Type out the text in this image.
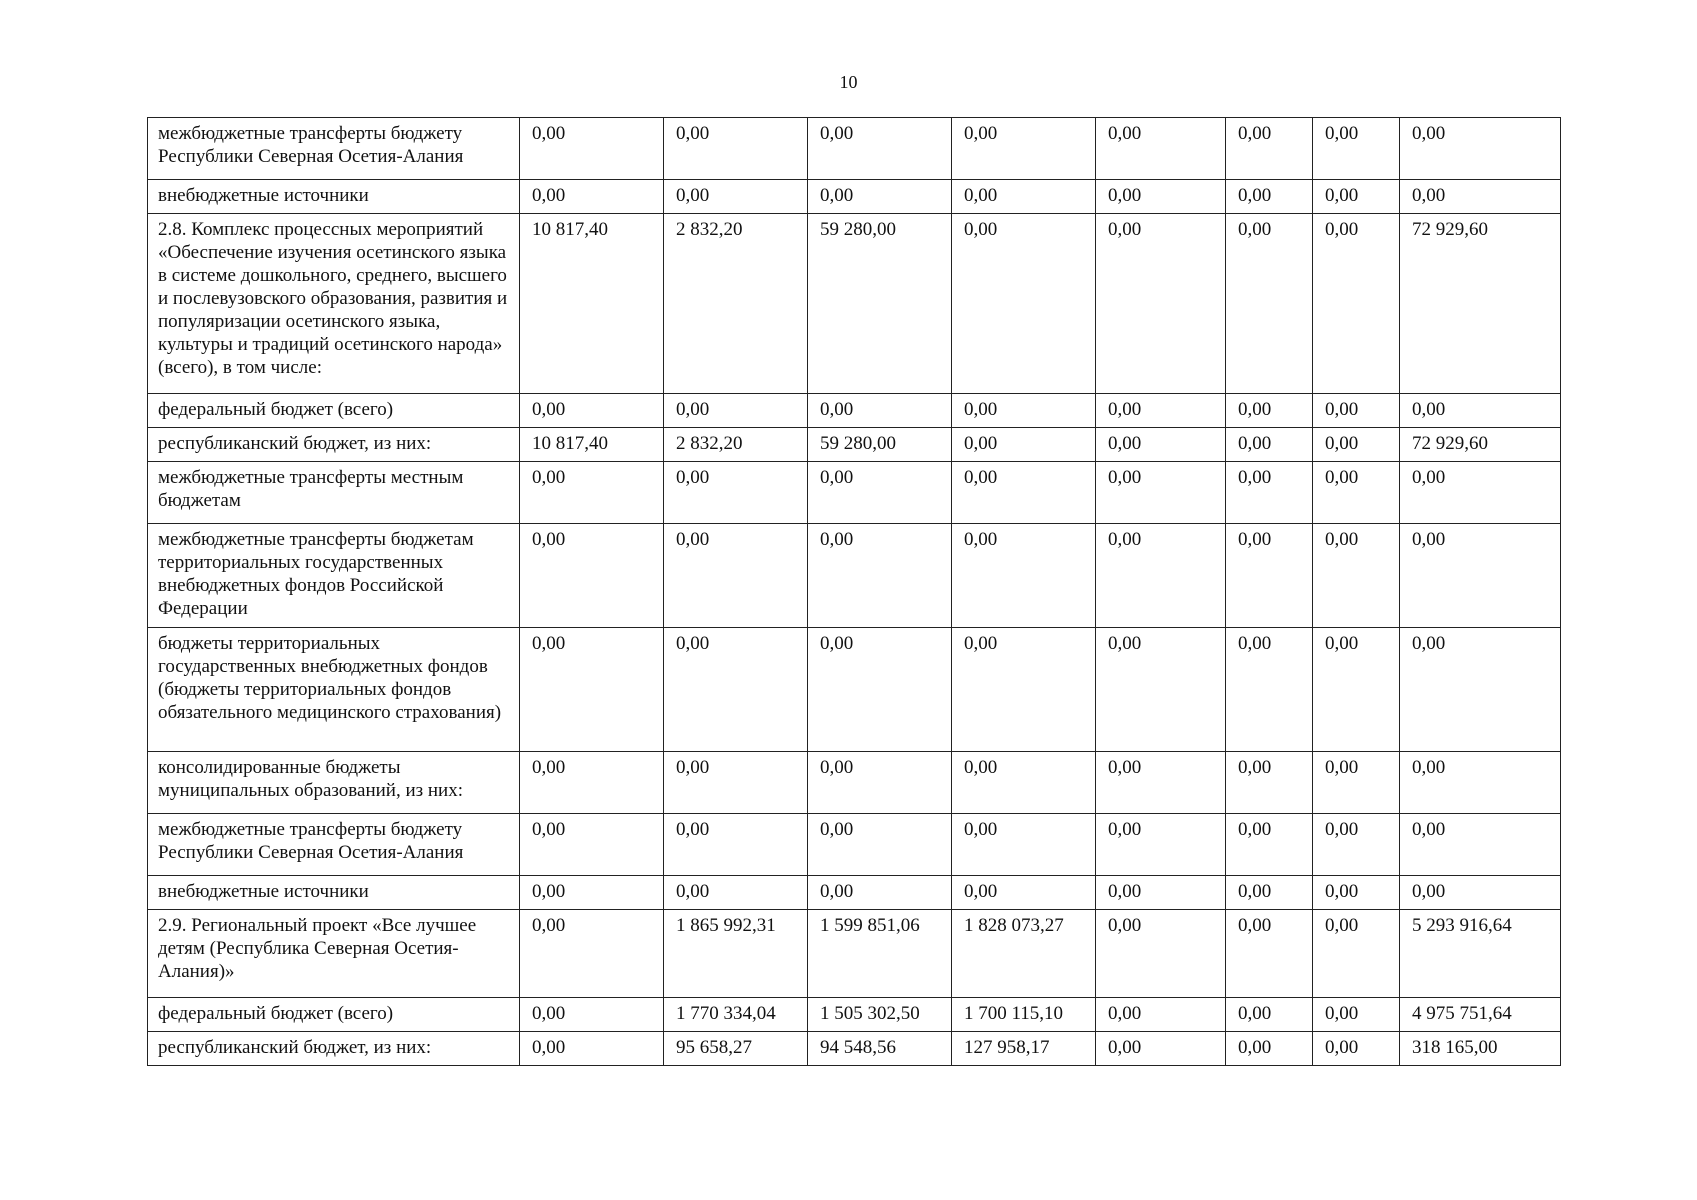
10
межбюджетные трансферты бюджету Республики Северная Осетия-Алания	0,00	0,00	0,00	0,00	0,00	0,00	0,00	0,00
внебюджетные источники	0,00	0,00	0,00	0,00	0,00	0,00	0,00	0,00
2.8. Комплекс процессных мероприятий «Обеспечение изучения осетинского языка в системе дошкольного, среднего, высшего и послевузовского образования, развития и популяризации осетинского языка, культуры и традиций осетинского народа» (всего), в том числе:	10 817,40	2 832,20	59 280,00	0,00	0,00	0,00	0,00	72 929,60
федеральный бюджет (всего)	0,00	0,00	0,00	0,00	0,00	0,00	0,00	0,00
республиканский бюджет, из них:	10 817,40	2 832,20	59 280,00	0,00	0,00	0,00	0,00	72 929,60
межбюджетные трансферты местным бюджетам	0,00	0,00	0,00	0,00	0,00	0,00	0,00	0,00
межбюджетные трансферты бюджетам территориальных государственных внебюджетных фондов Российской Федерации	0,00	0,00	0,00	0,00	0,00	0,00	0,00	0,00
бюджеты территориальных государственных внебюджетных фондов (бюджеты территориальных фондов обязательного медицинского страхования)	0,00	0,00	0,00	0,00	0,00	0,00	0,00	0,00
консолидированные бюджеты муниципальных образований, из них:	0,00	0,00	0,00	0,00	0,00	0,00	0,00	0,00
межбюджетные трансферты бюджету Республики Северная Осетия-Алания	0,00	0,00	0,00	0,00	0,00	0,00	0,00	0,00
внебюджетные источники	0,00	0,00	0,00	0,00	0,00	0,00	0,00	0,00
2.9. Региональный проект «Все лучшее детям (Республика Северная Осетия-Алания)»	0,00	1 865 992,31	1 599 851,06	1 828 073,27	0,00	0,00	0,00	5 293 916,64
федеральный бюджет (всего)	0,00	1 770 334,04	1 505 302,50	1 700 115,10	0,00	0,00	0,00	4 975 751,64
республиканский бюджет, из них:	0,00	95 658,27	94 548,56	127 958,17	0,00	0,00	0,00	318 165,00
